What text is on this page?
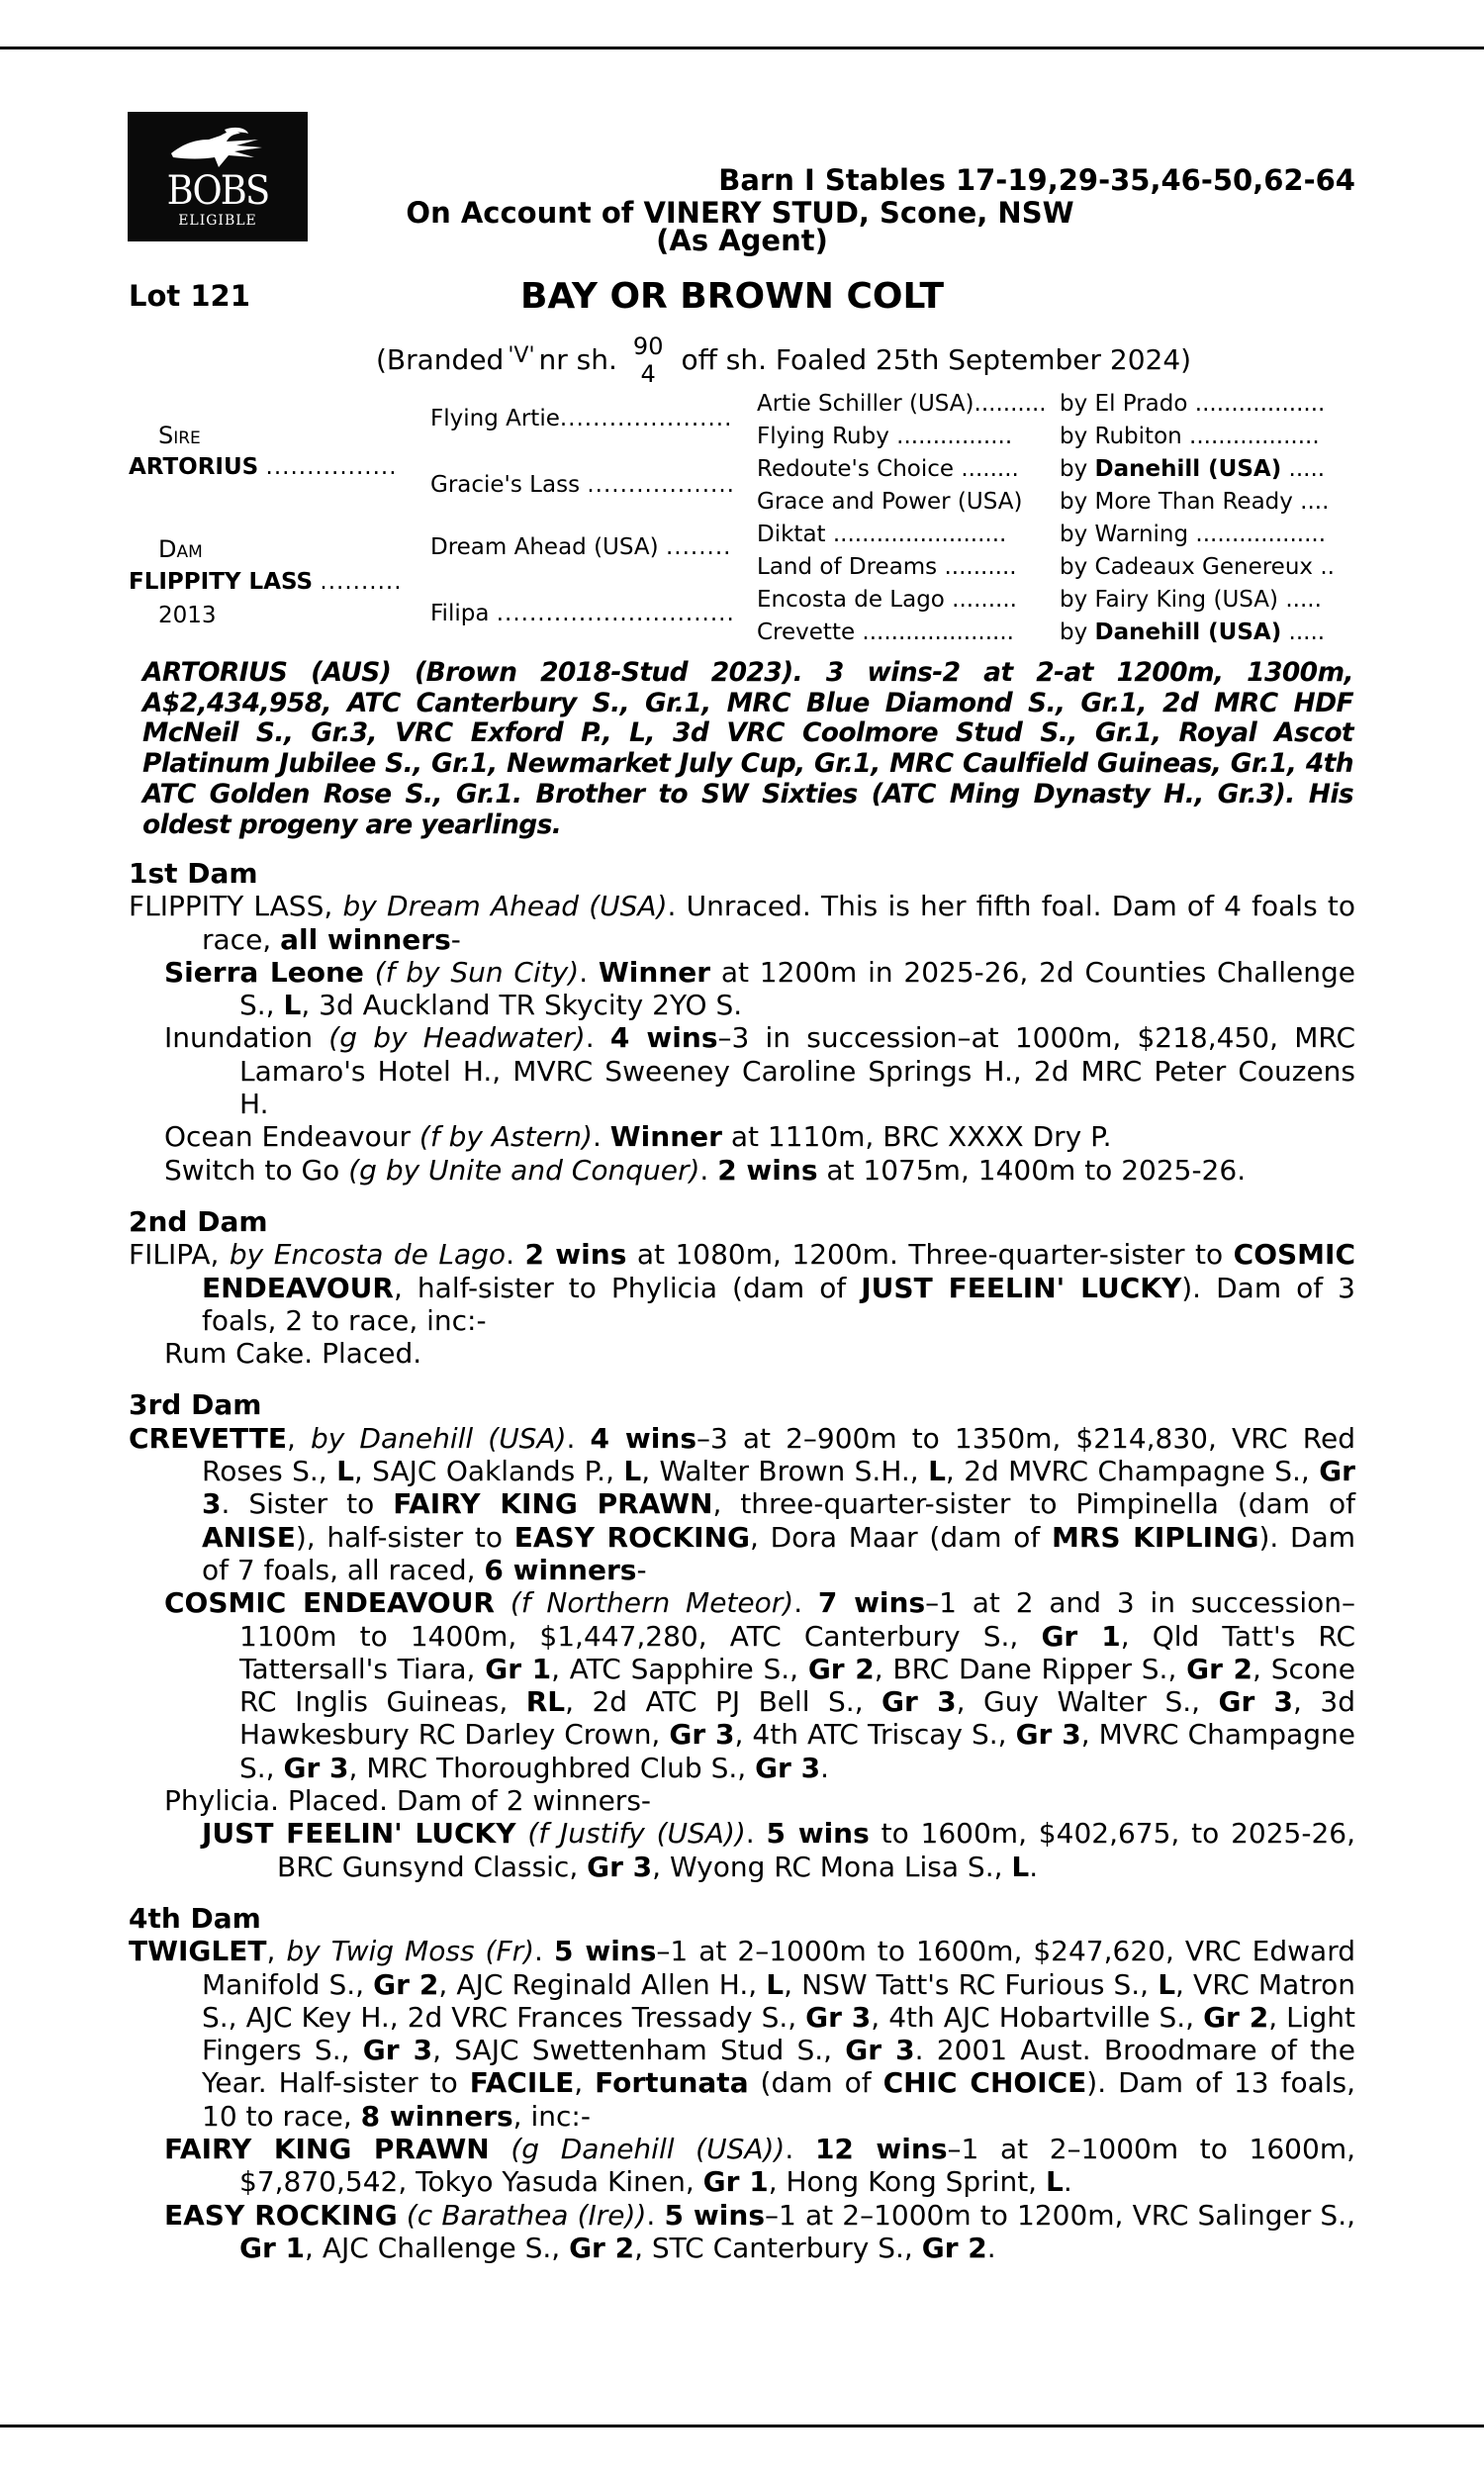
BOBS
ELIGIBLE
Barn I Stables 17-19,29-35,46-50,62-64
On Account of VINERY STUD, Scone, NSW
(As Agent)
Lot 121	BAY OR BROWN COLT
(Branded 'V' nr sh. 90
4 off sh. Foaled 25th September 2024)
Sire
ARTORIUS ................
Dam
FLIPPITY LASS ..........
2013
Flying Artie.....................
Gracie's Lass ..................
Dream Ahead (USA) ........
Filipa .............................
Artie Schiller (USA).......... by El Prado ..................
Flying Ruby ................ by Rubiton ..................
Redoute's Choice ........ by Danehill (USA) .....
Grace and Power (USA) by More Than Ready ....
Diktat ........................ by Warning ..................
Land of Dreams .......... by Cadeaux Genereux ..
Encosta de Lago ......... by Fairy King (USA) .....
Crevette ..................... by Danehill (USA) .....
ARTORIUS (AUS) (Brown 2018-Stud 2023). 3 wins-2 at 2-at 1200m, 1300m, A$2,434,958, ATC Canterbury S., Gr.1, MRC Blue Diamond S., Gr.1, 2d MRC HDF McNeil S., Gr.3, VRC Exford P., L, 3d VRC Coolmore Stud S., Gr.1, Royal Ascot Platinum Jubilee S., Gr.1, Newmarket July Cup, Gr.1, MRC Caulfield Guineas, Gr.1, 4th ATC Golden Rose S., Gr.1. Brother to SW Sixties (ATC Ming Dynasty H., Gr.3). His oldest progeny are yearlings.
1st Dam
FLIPPITY LASS, by Dream Ahead (USA). Unraced. This is her fifth foal. Dam of 4 foals to race, all winners-
Sierra Leone (f by Sun City). Winner at 1200m in 2025-26, 2d Counties Challenge S., L, 3d Auckland TR Skycity 2YO S.
Inundation (g by Headwater). 4 wins–3 in succession–at 1000m, $218,450, MRC Lamaro's Hotel H., MVRC Sweeney Caroline Springs H., 2d MRC Peter Couzens H.
Ocean Endeavour (f by Astern). Winner at 1110m, BRC XXXX Dry P.
Switch to Go (g by Unite and Conquer). 2 wins at 1075m, 1400m to 2025-26.
2nd Dam
FILIPA, by Encosta de Lago. 2 wins at 1080m, 1200m. Three-quarter-sister to COSMIC ENDEAVOUR, half-sister to Phylicia (dam of JUST FEELIN' LUCKY). Dam of 3 foals, 2 to race, inc:-
Rum Cake. Placed.
3rd Dam
CREVETTE, by Danehill (USA). 4 wins–3 at 2–900m to 1350m, $214,830, VRC Red Roses S., L, SAJC Oaklands P., L, Walter Brown S.H., L, 2d MVRC Champagne S., Gr 3. Sister to FAIRY KING PRAWN, three-quarter-sister to Pimpinella (dam of ANISE), half-sister to EASY ROCKING, Dora Maar (dam of MRS KIPLING). Dam of 7 foals, all raced, 6 winners-
COSMIC ENDEAVOUR (f Northern Meteor). 7 wins–1 at 2 and 3 in succession–1100m to 1400m, $1,447,280, ATC Canterbury S., Gr 1, Qld Tatt's RC Tattersall's Tiara, Gr 1, ATC Sapphire S., Gr 2, BRC Dane Ripper S., Gr 2, Scone RC Inglis Guineas, RL, 2d ATC PJ Bell S., Gr 3, Guy Walter S., Gr 3, 3d Hawkesbury RC Darley Crown, Gr 3, 4th ATC Triscay S., Gr 3, MVRC Champagne S., Gr 3, MRC Thoroughbred Club S., Gr 3.
Phylicia. Placed. Dam of 2 winners-
JUST FEELIN' LUCKY (f Justify (USA)). 5 wins to 1600m, $402,675, to 2025-26, BRC Gunsynd Classic, Gr 3, Wyong RC Mona Lisa S., L.
4th Dam
TWIGLET, by Twig Moss (Fr). 5 wins–1 at 2–1000m to 1600m, $247,620, VRC Edward Manifold S., Gr 2, AJC Reginald Allen H., L, NSW Tatt's RC Furious S., L, VRC Matron S., AJC Key H., 2d VRC Frances Tressady S., Gr 3, 4th AJC Hobartville S., Gr 2, Light Fingers S., Gr 3, SAJC Swettenham Stud S., Gr 3. 2001 Aust. Broodmare of the Year. Half-sister to FACILE, Fortunata (dam of CHIC CHOICE). Dam of 13 foals, 10 to race, 8 winners, inc:-
FAIRY KING PRAWN (g Danehill (USA)). 12 wins–1 at 2–1000m to 1600m, $7,870,542, Tokyo Yasuda Kinen, Gr 1, Hong Kong Sprint, L.
EASY ROCKING (c Barathea (Ire)). 5 wins–1 at 2–1000m to 1200m, VRC Salinger S., Gr 1, AJC Challenge S., Gr 2, STC Canterbury S., Gr 2.
